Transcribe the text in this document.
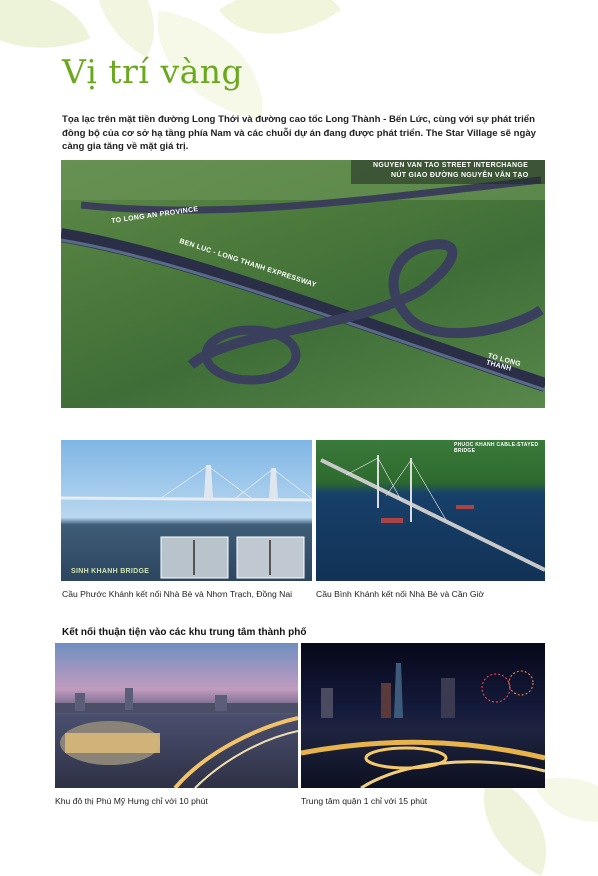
Vị trí vàng
Tọa lạc trên mặt tiền đường Long Thới và đường cao tốc Long Thành - Bến Lức, cùng với sự phát triển đồng bộ của cơ sở hạ tầng phía Nam và các chuỗi dự án đang được phát triển. The Star Village sẽ ngày càng gia tăng về mặt giá trị.
NGUYEN VAN TAO STREET INTERCHANGE
NÚT GIAO ĐƯỜNG NGUYỄN VĂN TẠO
TO LONG AN PROVINCE
BEN LUC - LONG THANH EXPRESSWAY
TO LONG THANH
SINH KHANH BRIDGE
Cầu Phước Khánh kết nối Nhà Bè và Nhơn Trạch, Đồng Nai
PHUOC KHANH CABLE-STAYED BRIDGE
Cầu Bình Khánh kết nối Nhà Bè và Cần Giờ
Kết nối thuận tiện vào các khu trung tâm thành phố
Khu đô thị Phú Mỹ Hưng chỉ với 10 phút	Trung tâm quận 1 chỉ với 15 phút
